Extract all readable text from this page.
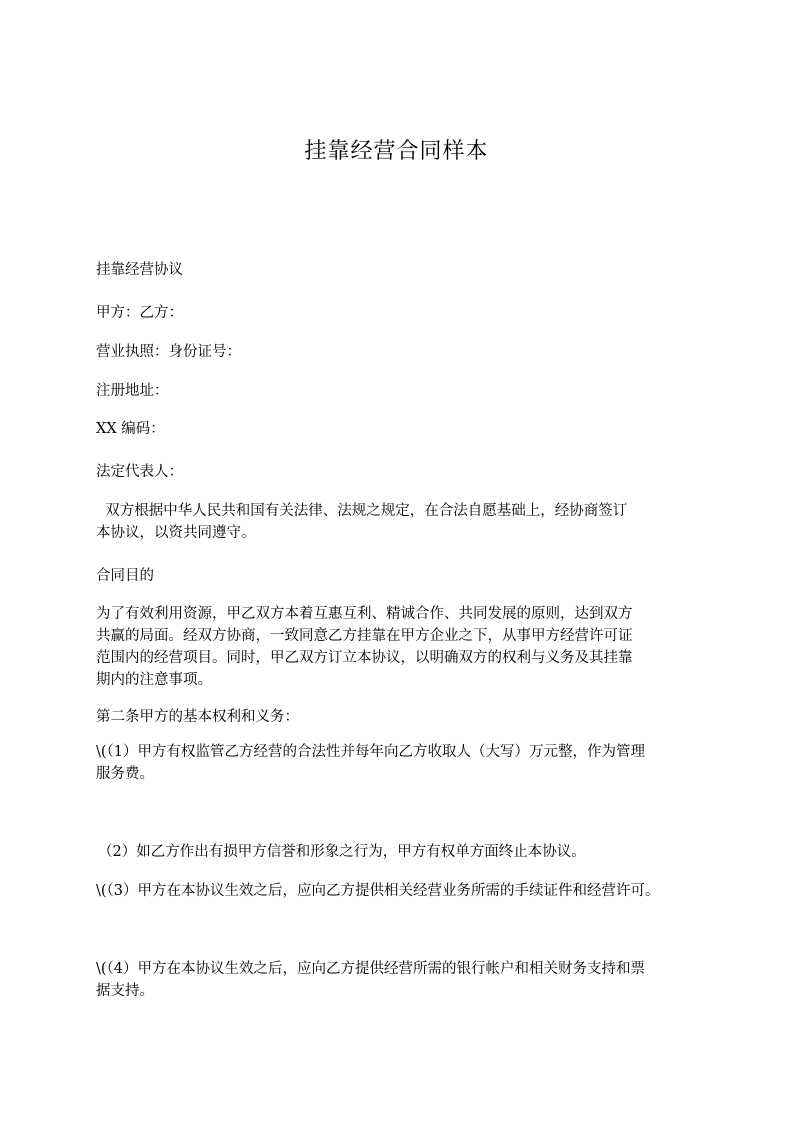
挂靠经营合同样本
挂靠经营协议
甲方：乙方：
营业执照：身份证号：
注册地址：
XX 编码：
法定代表人：
双方根据中华人民共和国有关法律、法规之规定，在合法自愿基础上，经协商签订
本协议，以资共同遵守。
合同目的
为了有效利用资源，甲乙双方本着互惠互利、精诚合作、共同发展的原则，达到双方
共赢的局面。经双方协商，一致同意乙方挂靠在甲方企业之下，从事甲方经营许可证
范围内的经营项目。同时，甲乙双方订立本协议，以明确双方的权利与义务及其挂靠
期内的注意事项。
第二条甲方的基本权利和义务：
\(（1）甲方有权监管乙方经营的合法性并每年向乙方收取人（大写）万元整，作为管理
服务费。
（2）如乙方作出有损甲方信誉和形象之行为，甲方有权单方面终止本协议。
\(（3）甲方在本协议生效之后，应向乙方提供相关经营业务所需的手续证件和经营许可。
\(（4）甲方在本协议生效之后，应向乙方提供经营所需的银行帐户和相关财务支持和票
据支持。
